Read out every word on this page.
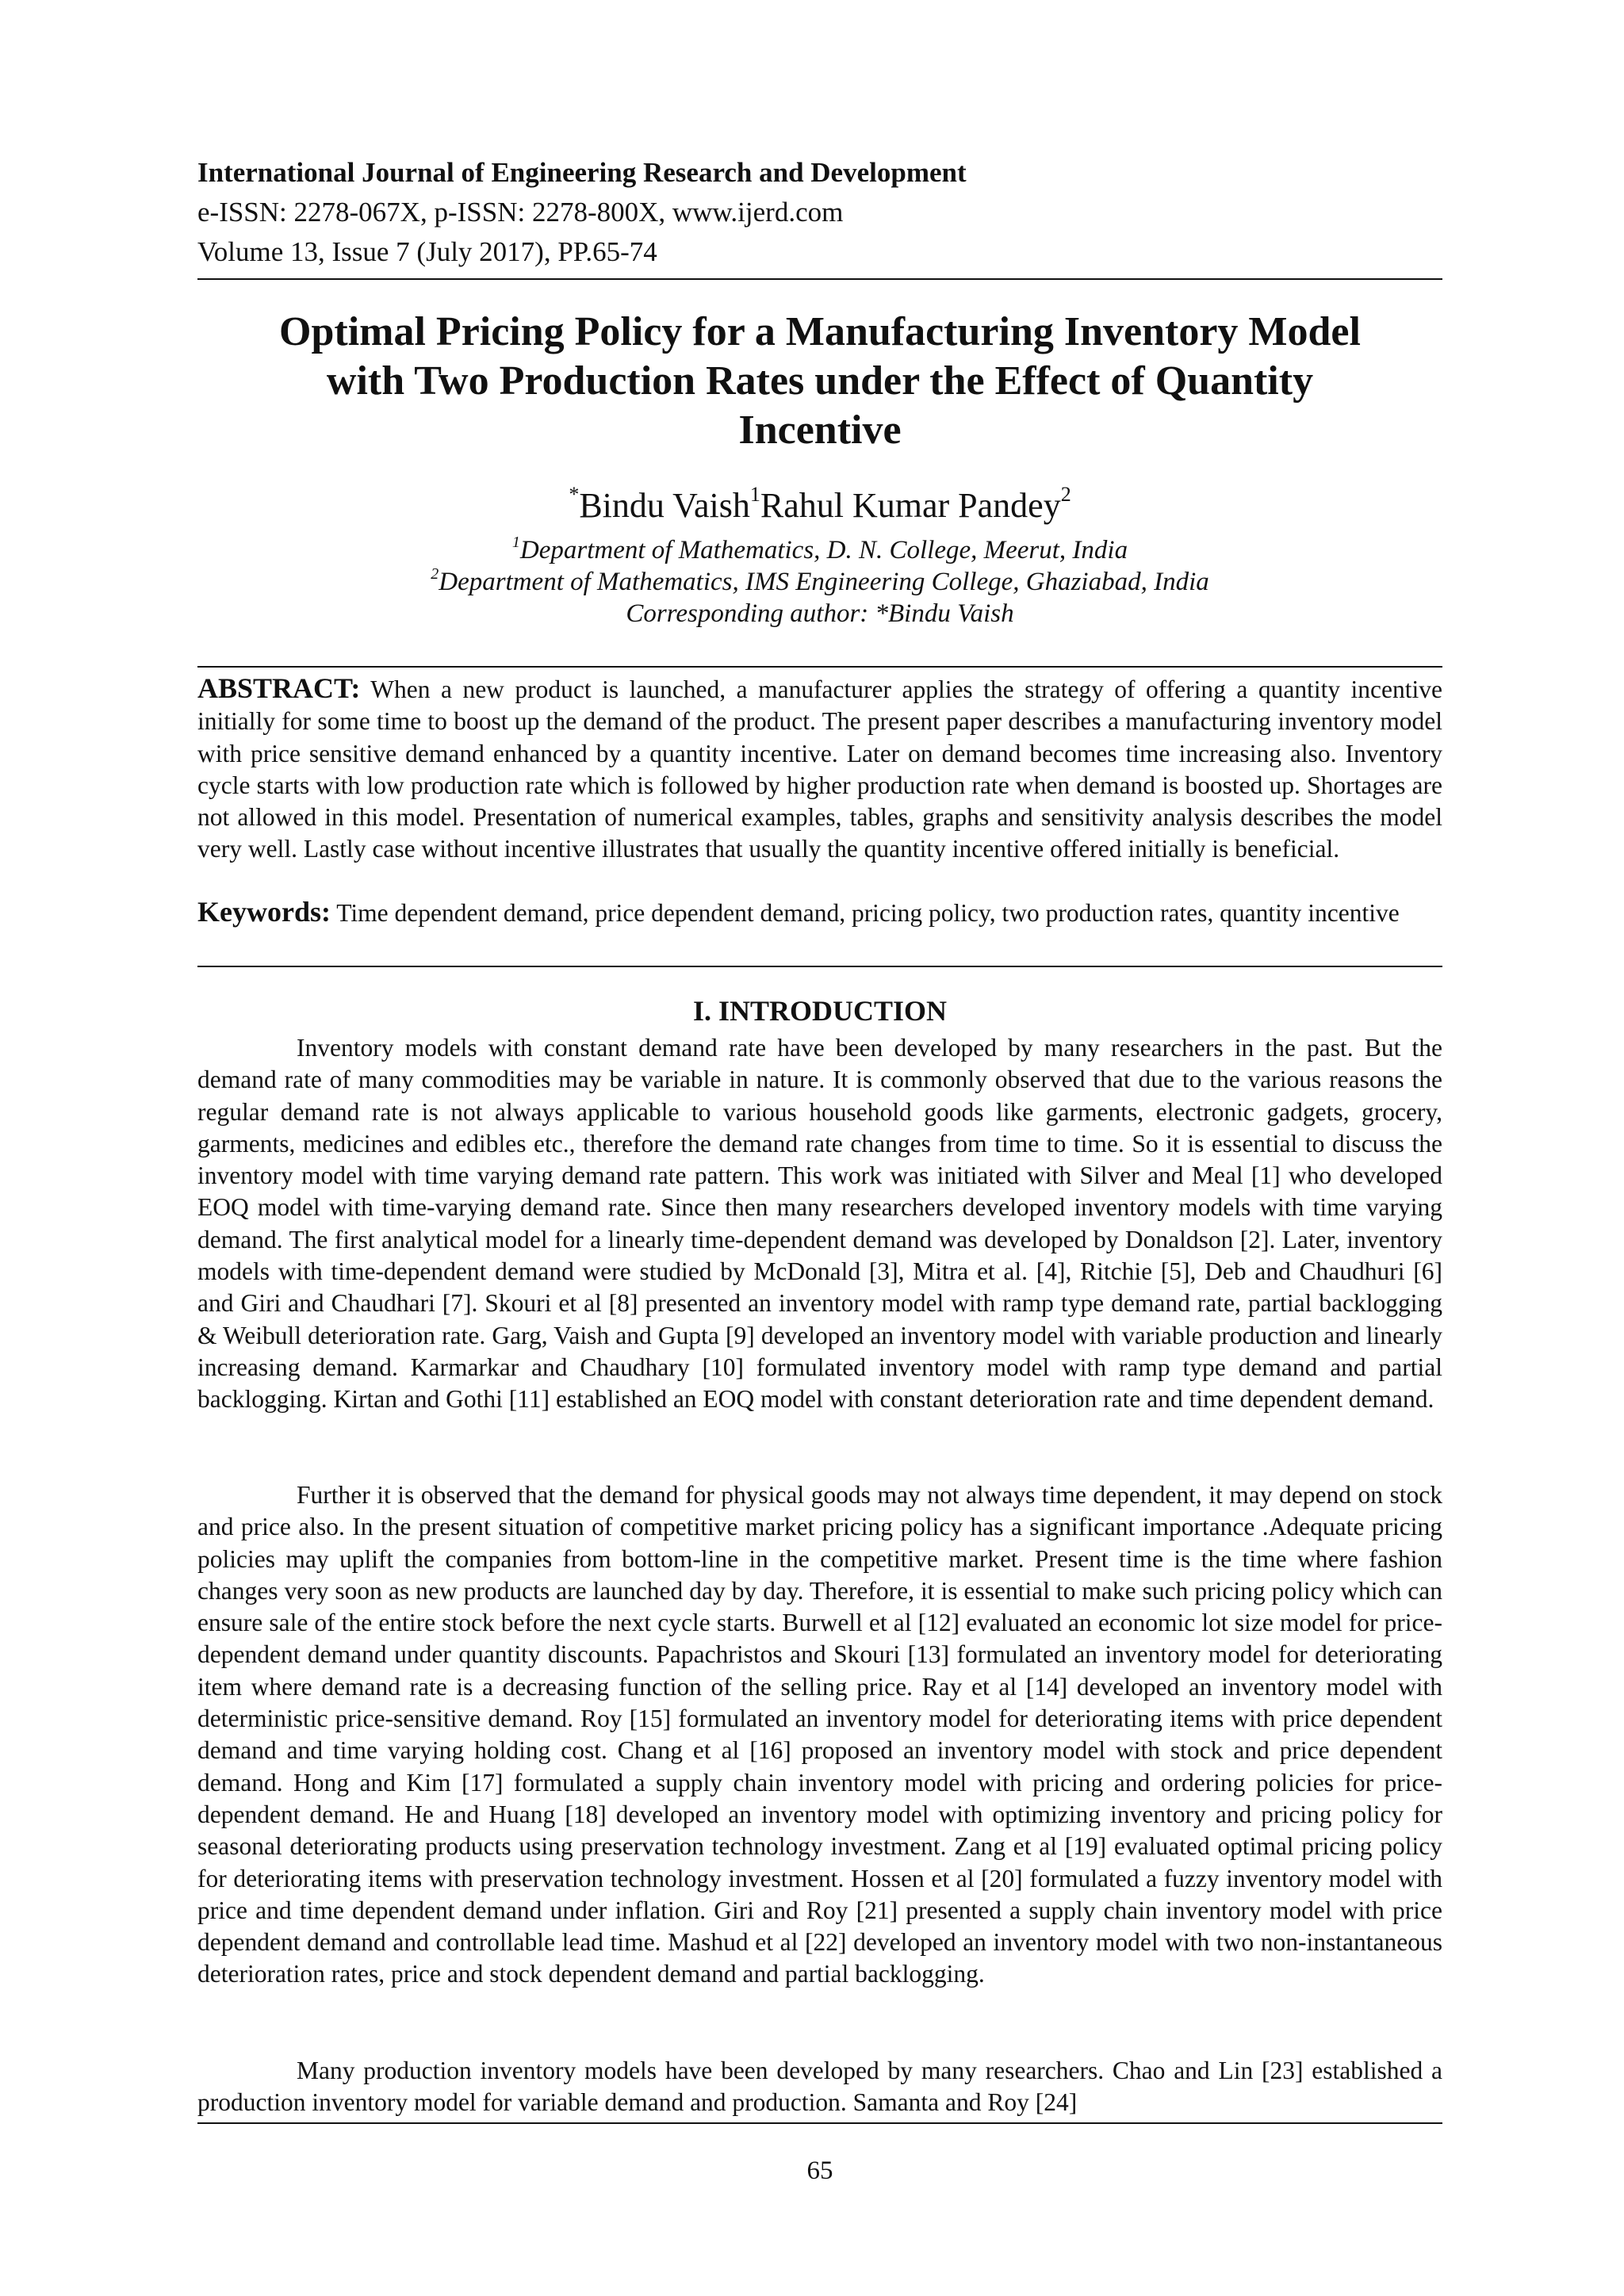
International Journal of Engineering Research and Development
e-ISSN: 2278-067X, p-ISSN: 2278-800X, www.ijerd.com
Volume 13, Issue 7 (July 2017), PP.65-74
Optimal Pricing Policy for a Manufacturing Inventory Model
with Two Production Rates under the Effect of Quantity
Incentive
*Bindu Vaish$^1$Rahul Kumar Pandey$^2$
$^1$Department of Mathematics, D. N. College, Meerut, India
$^2$Department of Mathematics, IMS Engineering College, Ghaziabad, India
Corresponding author: *Bindu Vaish
ABSTRACT: When a new product is launched, a manufacturer applies the strategy of offering a quantity incentive initially for some time to boost up the demand of the product. The present paper describes a manufacturing inventory model with price sensitive demand enhanced by a quantity incentive. Later on demand becomes time increasing also. Inventory cycle starts with low production rate which is followed by higher production rate when demand is boosted up. Shortages are not allowed in this model. Presentation of numerical examples, tables, graphs and sensitivity analysis describes the model very well. Lastly case without incentive illustrates that usually the quantity incentive offered initially is beneficial.
Keywords: Time dependent demand, price dependent demand, pricing policy, two production rates, quantity incentive
I. INTRODUCTION
Inventory models with constant demand rate have been developed by many researchers in the past. But the demand rate of many commodities may be variable in nature. It is commonly observed that due to the various reasons the regular demand rate is not always applicable to various household goods like garments, electronic gadgets, grocery, garments, medicines and edibles etc., therefore the demand rate changes from time to time. So it is essential to discuss the inventory model with time varying demand rate pattern. This work was initiated with Silver and Meal [1] who developed EOQ model with time-varying demand rate. Since then many researchers developed inventory models with time varying demand. The first analytical model for a linearly time-dependent demand was developed by Donaldson [2]. Later, inventory models with time-dependent demand were studied by McDonald [3], Mitra et al. [4], Ritchie [5], Deb and Chaudhuri [6] and Giri and Chaudhari [7]. Skouri et al [8] presented an inventory model with ramp type demand rate, partial backlogging & Weibull deterioration rate. Garg, Vaish and Gupta [9] developed an inventory model with variable production and linearly increasing demand. Karmarkar and Chaudhary [10] formulated inventory model with ramp type demand and partial backlogging. Kirtan and Gothi [11] established an EOQ model with constant deterioration rate and time dependent demand.
Further it is observed that the demand for physical goods may not always time dependent, it may depend on stock and price also. In the present situation of competitive market pricing policy has a significant importance .Adequate pricing policies may uplift the companies from bottom-line in the competitive market. Present time is the time where fashion changes very soon as new products are launched day by day. Therefore, it is essential to make such pricing policy which can ensure sale of the entire stock before the next cycle starts. Burwell et al [12] evaluated an economic lot size model for price-dependent demand under quantity discounts. Papachristos and Skouri [13] formulated an inventory model for deteriorating item where demand rate is a decreasing function of the selling price. Ray et al [14] developed an inventory model with deterministic price-sensitive demand. Roy [15] formulated an inventory model for deteriorating items with price dependent demand and time varying holding cost. Chang et al [16] proposed an inventory model with stock and price dependent demand. Hong and Kim [17] formulated a supply chain inventory model with pricing and ordering policies for price-dependent demand. He and Huang [18] developed an inventory model with optimizing inventory and pricing policy for seasonal deteriorating products using preservation technology investment. Zang et al [19] evaluated optimal pricing policy for deteriorating items with preservation technology investment. Hossen et al [20] formulated a fuzzy inventory model with price and time dependent demand under inflation. Giri and Roy [21] presented a supply chain inventory model with price dependent demand and controllable lead time. Mashud et al [22] developed an inventory model with two non-instantaneous deterioration rates, price and stock dependent demand and partial backlogging.
Many production inventory models have been developed by many researchers. Chao and Lin [23] established a production inventory model for variable demand and production. Samanta and Roy [24]
65
